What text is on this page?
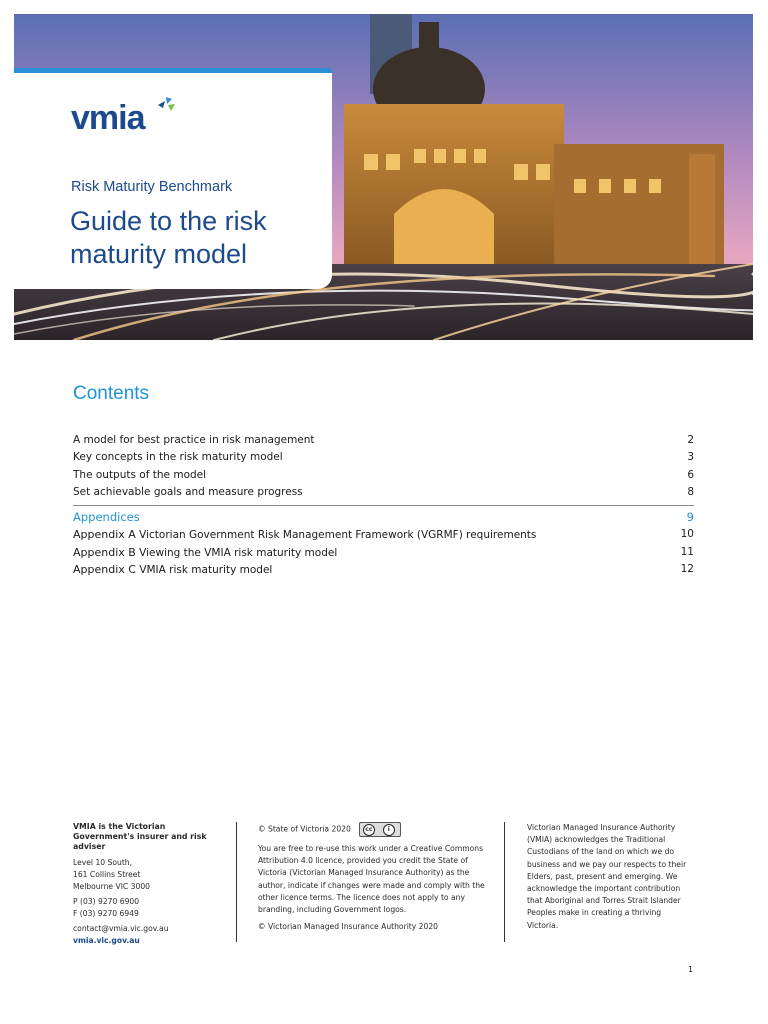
vmia
Risk Maturity Benchmark
Guide to the risk maturity model
Contents
A model for best practice in risk management	2
Key concepts in the risk maturity model	3
The outputs of the model	6
Set achievable goals and measure progress	8
Appendices	9
Appendix A Victorian Government Risk Management Framework (VGRMF) requirements	10
Appendix B Viewing the VMIA risk maturity model	11
Appendix C VMIA risk maturity model	12
VMIA is the Victorian Government's insurer and risk adviser
Level 10 South,
161 Collins Street
Melbourne VIC 3000
P (03) 9270 6900
F (03) 9270 6949
contact@vmia.vic.gov.au
vmia.vic.gov.au
© State of Victoria 2020	cc	i
You are free to re-use this work under a Creative Commons Attribution 4.0 licence, provided you credit the State of Victoria (Victorian Managed Insurance Authority) as the author, indicate if changes were made and comply with the other licence terms. The licence does not apply to any branding, including Government logos.
© Victorian Managed Insurance Authority 2020
Victorian Managed Insurance Authority (VMIA) acknowledges the Traditional Custodians of the land on which we do business and we pay our respects to their Elders, past, present and emerging. We acknowledge the important contribution that Aboriginal and Torres Strait Islander Peoples make in creating a thriving Victoria.
1
